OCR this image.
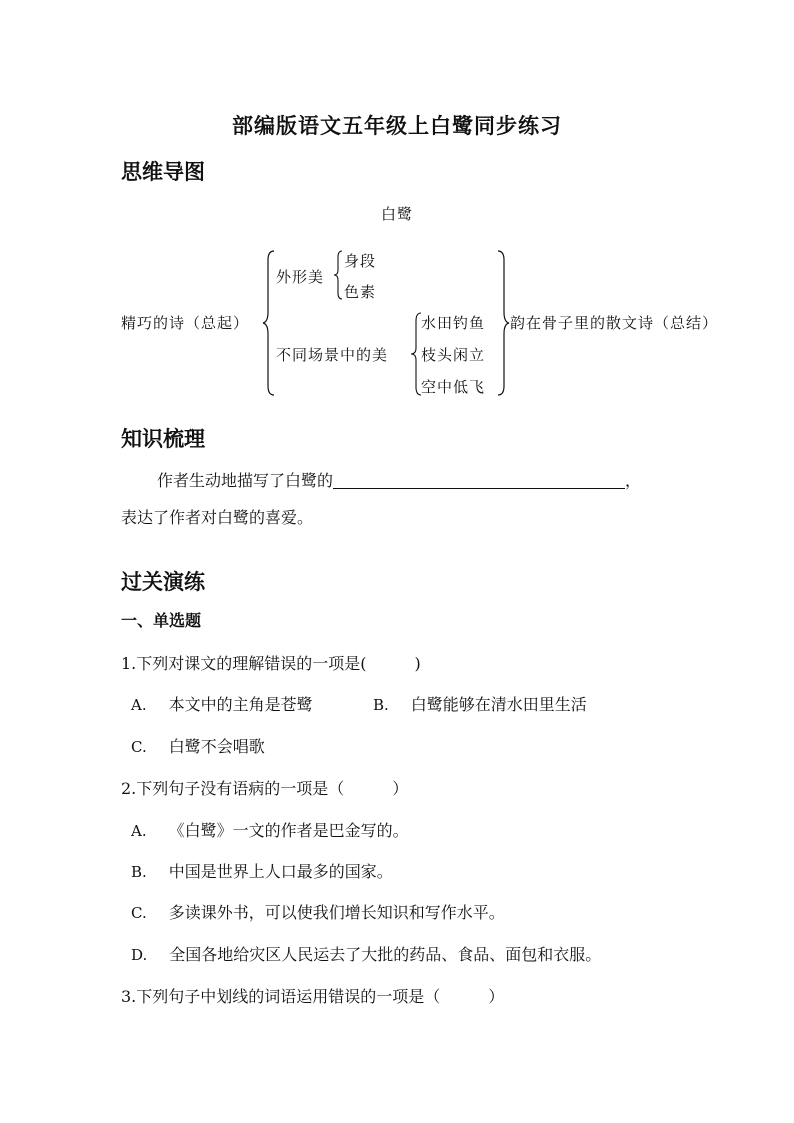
部编版语文五年级上白鹭同步练习
思维导图
白鹭
精巧的诗（总起）
外形美
身段
色素
不同场景中的美
水田钓鱼
枝头闲立
空中低飞
韵在骨子里的散文诗（总结）
知识梳理
作者生动地描写了白鹭的	，
表达了作者对白鹭的喜爱。
过关演练
一、单选题
1.下列对课文的理解错误的一项是(　　　)
A. 本文中的主角是苍鹭	B. 白鹭能够在清水田里生活
C. 白鹭不会唱歌
2.下列句子没有语病的一项是（　　　）
A. 《白鹭》一文的作者是巴金写的。
B. 中国是世界上人口最多的国家。
C. 多读课外书，可以使我们增长知识和写作水平。
D. 全国各地给灾区人民运去了大批的药品、食品、面包和衣服。
3.下列句子中划线的词语运用错误的一项是（　　　）
